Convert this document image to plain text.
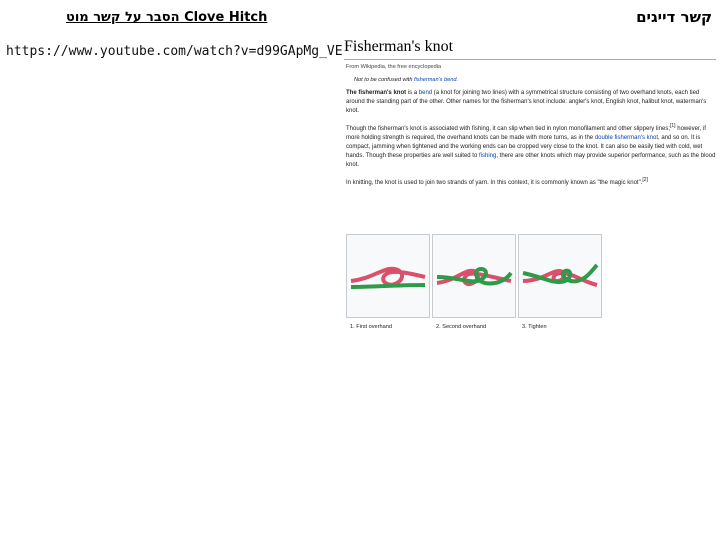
קשר דייגים
הסבר על קשר מוט Clove Hitch
https://www.youtube.com/watch?v=d99GApMg_VE Fisherman's knot
From Wikipedia, the free encyclopedia
Not to be confused with fisherman's bend.

The fisherman's knot is a bend (a knot for joining two lines) with a symmetrical structure consisting of two overhand knots, each tied around the standing part of the other. Other names for the fisherman's knot include: angler's knot, English knot, halibut knot, waterman's knot.

Though the fisherman's knot is associated with fishing, it can slip when tied in nylon monofilament and other slippery lines;[1] however, if more holding strength is required, the overhand knots can be made with more turns, as in the double fisherman's knot, and so on. It is compact, jamming when tightened and the working ends can be cropped very close to the knot. It can also be easily tied with cold, wet hands. Though these properties are well suited to fishing, there are other knots which may provide superior performance, such as the blood knot.

In knitting, the knot is used to join two strands of yarn. In this context, it is commonly known as "the magic knot".[2]

1. First overhand	2. Second overhand	3. Tighten
